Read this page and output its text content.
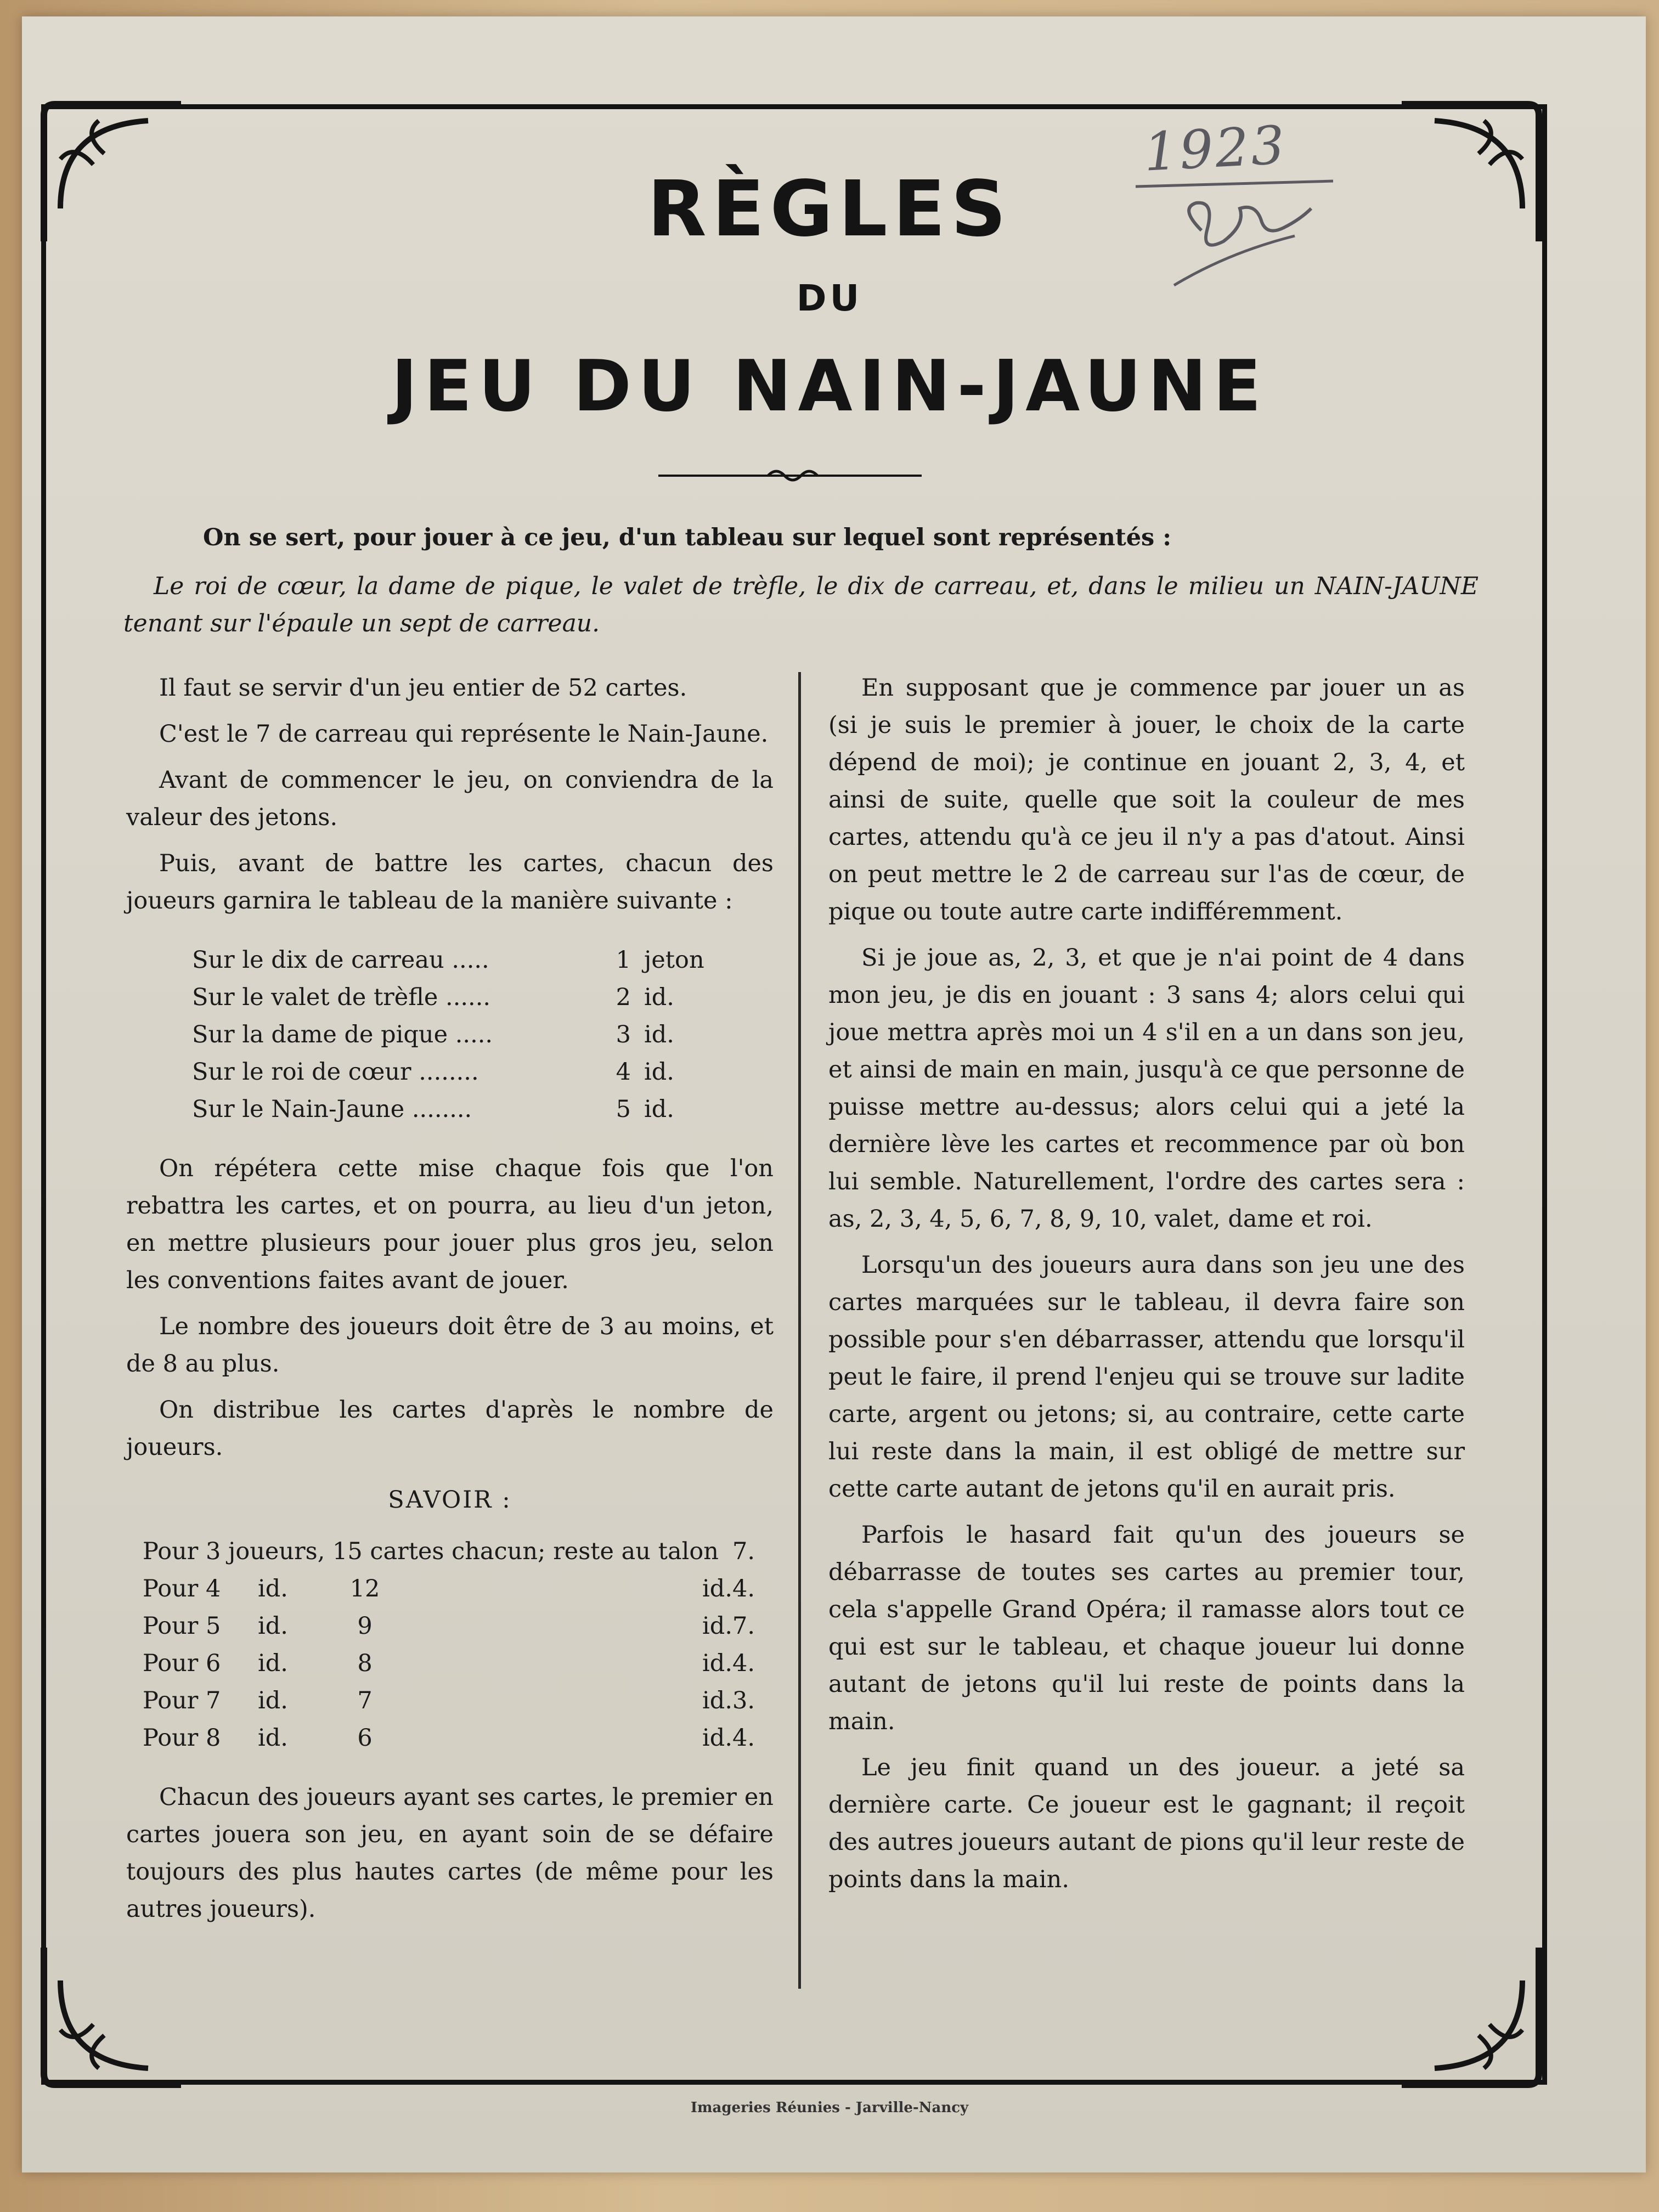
1923
RÈGLES
DU
JEU DU NAIN-JAUNE
On se sert, pour jouer à ce jeu, d'un tableau sur lequel sont représentés :
Le roi de cœur, la dame de pique, le valet de trèfle, le dix de carreau, et, dans le milieu un NAIN-JAUNE tenant sur l'épaule un sept de carreau.

Il faut se servir d'un jeu entier de 52 cartes.

C'est le 7 de carreau qui représente le Nain-Jaune.

Avant de commencer le jeu, on conviendra de la valeur des jetons.

Puis, avant de battre les cartes, chacun des joueurs garnira le tableau de la manière suivante :

Sur le dix de carreau .....	1 jeton
Sur le valet de trèfle ......	2 id.
Sur la dame de pique .....	3 id.
Sur le roi de cœur ........	4 id.
Sur le Nain-Jaune ........	5 id.

On répétera cette mise chaque fois que l'on rebattra les cartes, et on pourra, au lieu d'un jeton, en mettre plusieurs pour jouer plus gros jeu, selon les conventions faites avant de jouer.

Le nombre des joueurs doit être de 3 au moins, et de 8 au plus.

On distribue les cartes d'après le nombre de joueurs.

SAVOIR :
Pour 3 joueurs, 15 cartes chacun; reste au talon 7.
Pour 4	id.	12	id. 4.
Pour 5	id.	9	id. 7.
Pour 6	id.	8	id. 4.
Pour 7	id.	7	id. 3.
Pour 8	id.	6	id. 4.

Chacun des joueurs ayant ses cartes, le premier en cartes jouera son jeu, en ayant soin de se défaire toujours des plus hautes cartes (de même pour les autres joueurs).

En supposant que je commence par jouer un as (si je suis le premier à jouer, le choix de la carte dépend de moi); je continue en jouant 2, 3, 4, et ainsi de suite, quelle que soit la couleur de mes cartes, attendu qu'à ce jeu il n'y a pas d'atout. Ainsi on peut mettre le 2 de carreau sur l'as de cœur, de pique ou toute autre carte indifféremment.

Si je joue as, 2, 3, et que je n'ai point de 4 dans mon jeu, je dis en jouant : 3 sans 4; alors celui qui joue mettra après moi un 4 s'il en a un dans son jeu, et ainsi de main en main, jusqu'à ce que personne de puisse mettre au-dessus; alors celui qui a jeté la dernière lève les cartes et recommence par où bon lui semble. Naturellement, l'ordre des cartes sera : as, 2, 3, 4, 5, 6, 7, 8, 9, 10, valet, dame et roi.

Lorsqu'un des joueurs aura dans son jeu une des cartes marquées sur le tableau, il devra faire son possible pour s'en débarrasser, attendu que lorsqu'il peut le faire, il prend l'enjeu qui se trouve sur ladite carte, argent ou jetons; si, au contraire, cette carte lui reste dans la main, il est obligé de mettre sur cette carte autant de jetons qu'il en aurait pris.

Parfois le hasard fait qu'un des joueurs se débarrasse de toutes ses cartes au premier tour, cela s'appelle Grand Opéra; il ramasse alors tout ce qui est sur le tableau, et chaque joueur lui donne autant de jetons qu'il lui reste de points dans la main.

Le jeu finit quand un des joueur. a jeté sa dernière carte. Ce joueur est le gagnant; il reçoit des autres joueurs autant de pions qu'il leur reste de points dans la main.

Imageries Réunies - Jarville-Nancy
